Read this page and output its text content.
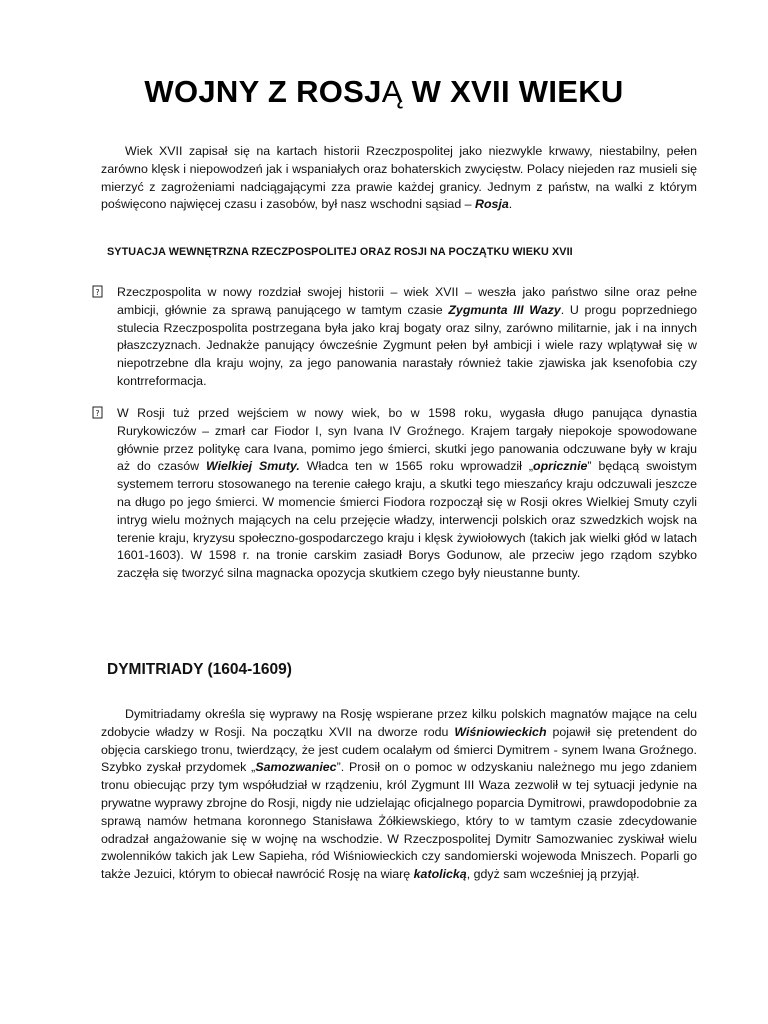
WOJNY Z ROSJĄ W XVII WIEKU

Wiek XVII zapisał się na kartach historii Rzeczpospolitej jako niezwykle krwawy, niestabilny, pełen zarówno klęsk i niepowodzeń jak i wspaniałych oraz bohaterskich zwycięstw. Polacy niejeden raz musieli się mierzyć z zagrożeniami nadciągającymi zza prawie każdej granicy. Jednym z państw, na walki z którym poświęcono najwięcej czasu i zasobów, był nasz wschodni sąsiad – Rosja.

SYTUACJA WEWNĘTRZNA RZECZPOSPOLITEJ ORAZ ROSJI NA POCZĄTKU WIEKU XVII
? Rzeczpospolita w nowy rozdział swojej historii – wiek XVII – weszła jako państwo silne oraz pełne ambicji, głównie za sprawą panującego w tamtym czasie Zygmunta III Wazy. U progu poprzedniego stulecia Rzeczpospolita postrzegana była jako kraj bogaty oraz silny, zarówno militarnie, jak i na innych płaszczyznach. Jednakże panujący ówcześnie Zygmunt pełen był ambicji i wiele razy wplątywał się w niepotrzebne dla kraju wojny, za jego panowania narastały również takie zjawiska jak ksenofobia czy kontrreformacja.

? W Rosji tuż przed wejściem w nowy wiek, bo w 1598 roku, wygasła długo panująca dynastia Rurykowiczów – zmarł car Fiodor I, syn Ivana IV Groźnego. Krajem targały niepokoje spowodowane głównie przez politykę cara Ivana, pomimo jego śmierci, skutki jego panowania odczuwane były w kraju aż do czasów Wielkiej Smuty. Władca ten w 1565 roku wprowadził „opricznie” będącą swoistym systemem terroru stosowanego na terenie całego kraju, a skutki tego mieszańcy kraju odczuwali jeszcze na długo po jego śmierci. W momencie śmierci Fiodora rozpoczął się w Rosji okres Wielkiej Smuty czyli intryg wielu możnych mających na celu przejęcie władzy, interwencji polskich oraz szwedzkich wojsk na terenie kraju, kryzysu społeczno-gospodarczego kraju i klęsk żywiołowych (takich jak wielki głód w latach 1601-1603). W 1598 r. na tronie carskim zasiadł Borys Godunow, ale przeciw jego rządom szybko zaczęła się tworzyć silna magnacka opozycja skutkiem czego były nieustanne bunty.

DYMITRIADY (1604-1609)

Dymitriadamy określa się wyprawy na Rosję wspierane przez kilku polskich magnatów mające na celu zdobycie władzy w Rosji. Na początku XVII na dworze rodu Wiśniowieckich pojawił się pretendent do objęcia carskiego tronu, twierdzący, że jest cudem ocalałym od śmierci Dymitrem - synem Iwana Groźnego. Szybko zyskał przydomek „Samozwaniec”. Prosił on o pomoc w odzyskaniu należnego mu jego zdaniem tronu obiecując przy tym współudział w rządzeniu, król Zygmunt III Waza zezwolił w tej sytuacji jedynie na prywatne wyprawy zbrojne do Rosji, nigdy nie udzielając oficjalnego poparcia Dymitrowi, prawdopodobnie za sprawą namów hetmana koronnego Stanisława Żółkiewskiego, który to w tamtym czasie zdecydowanie odradzał angażowanie się w wojnę na wschodzie. W Rzeczpospolitej Dymitr Samozwaniec zyskiwał wielu zwolenników takich jak Lew Sapieha, ród Wiśniowieckich czy sandomierski wojewoda Mniszech. Poparli go także Jezuici, którym to obiecał nawrócić Rosję na wiarę katolicką, gdyż sam wcześniej ją przyjął.
